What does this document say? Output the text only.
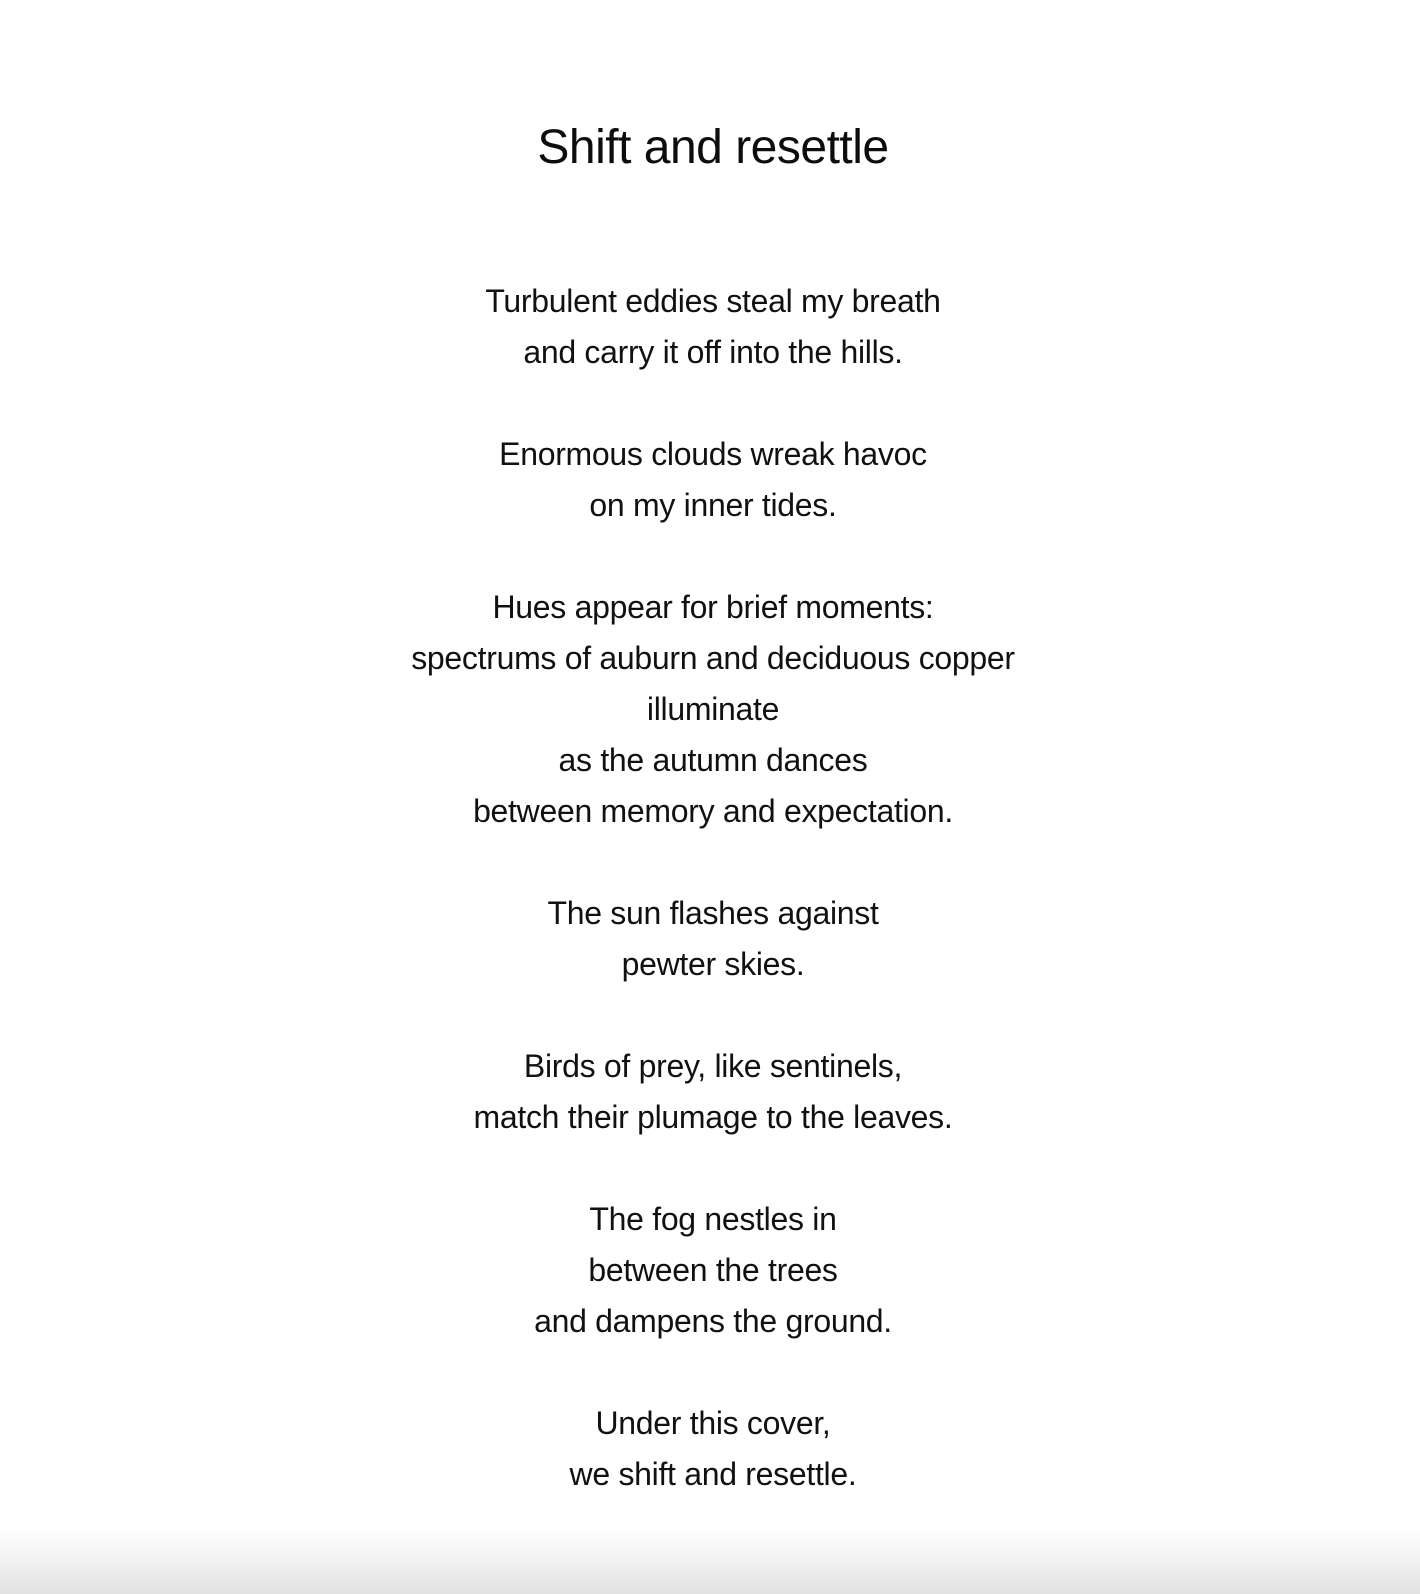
Shift and resettle
Turbulent eddies steal my breath
and carry it off into the hills.
Enormous clouds wreak havoc
on my inner tides.
Hues appear for brief moments:
spectrums of auburn and deciduous copper
illuminate
as the autumn dances
between memory and expectation.
The sun flashes against
pewter skies.
Birds of prey, like sentinels,
match their plumage to the leaves.
The fog nestles in
between the trees
and dampens the ground.
Under this cover,
we shift and resettle.
